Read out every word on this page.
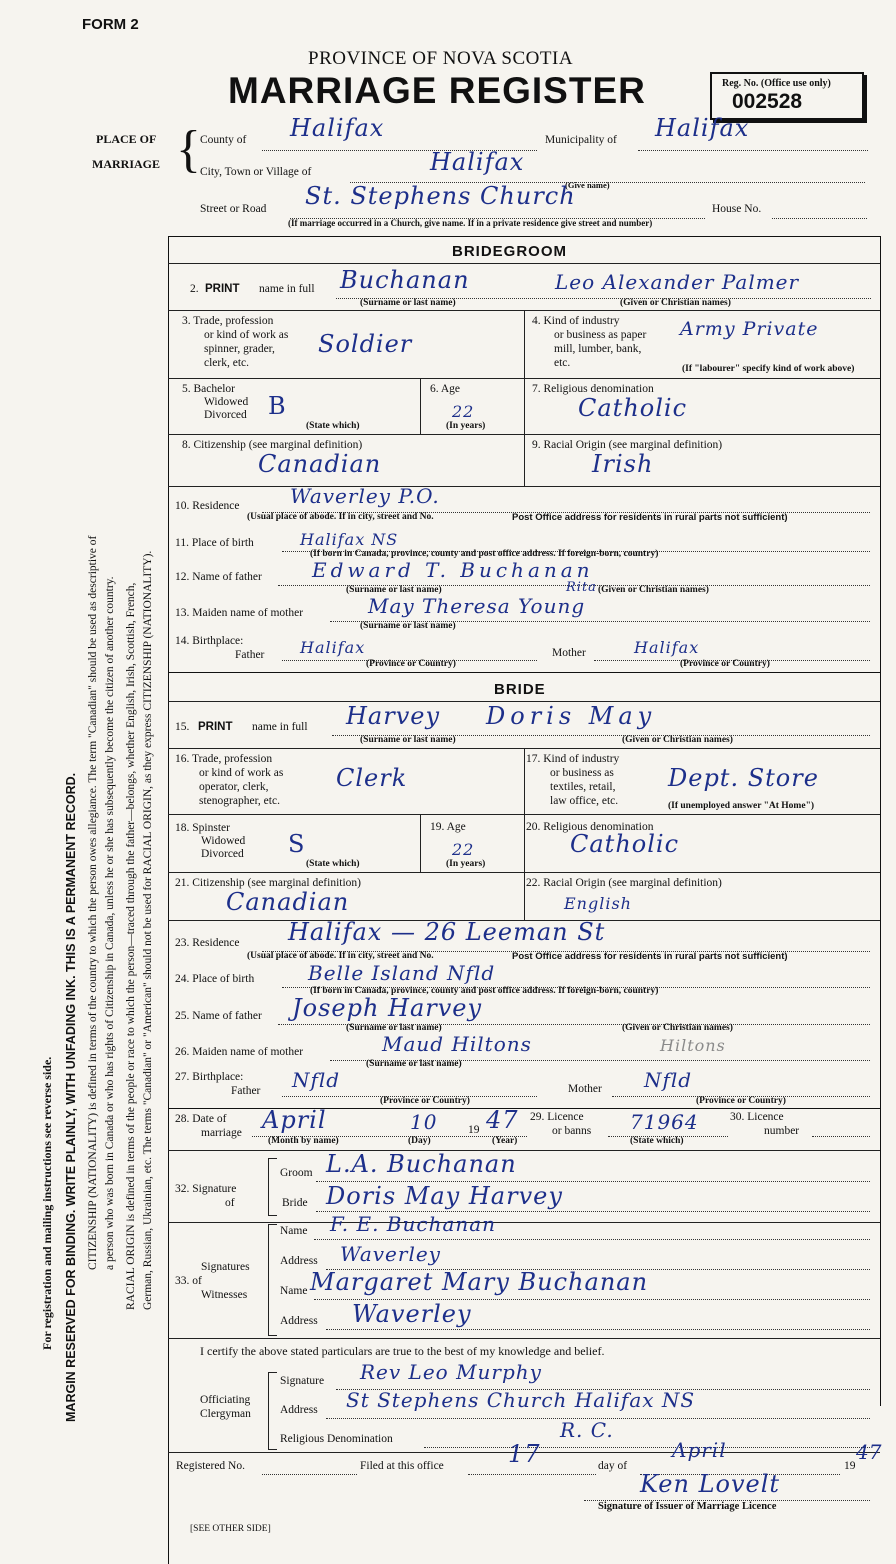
FORM 2
PROVINCE OF NOVA SCOTIA
MARRIAGE REGISTER	Reg. No. (Office use only)
002528
PLACE OF
MARRIAGE { County of Halifax	Municipality of Halifax
City, Town or Village of	Halifax
(Give name)
Street or Road St. Stephens Church	House No.
(If marriage occurred in a Church, give name. If in a private residence give street and number)
For registration and mailing instructions see reverse side. MARGIN RESERVED FOR BINDING. WRITE PLAINLY, WITH UNFADING INK. THIS IS A PERMANENT RECORD. CITIZENSHIP (NATIONALITY) is defined in terms of the country to which the person owes allegiance. The term "Canadian" should be used as descriptive of a person who was born in Canada or who has rights of Citizenship in Canada, unless he or she has subsequently become the citizen of another country. RACIAL ORIGIN is defined in terms of the people or race to which the person—traced through the father—belongs, whether English, Irish, Scottish, French, German, Russian, Ukrainian, etc. The terms "Canadian" or "American" should not be used for RACIAL ORIGIN, as they express CITIZENSHIP (NATIONALITY).
BRIDEGROOM
2. PRINT name in full Buchanan	Leo Alexander Palmer
(Surname or last name)	(Given or Christian names)
3. Trade, profession
or kind of work as
spinner, grader,
clerk, etc.
Soldier
4. Kind of industry
or business as paper
mill, lumber, bank,
etc.
Army Private
(If "labourer" specify kind of work above)
5. Bachelor
Widowed
Divorced B
(State which)
6. Age
22
(In years)
7. Religious denomination
Catholic
8. Citizenship (see marginal definition)
Canadian
9. Racial Origin (see marginal definition)
Irish
10. Residence	Waverley P.O.
(Usual place of abode. If in city, street and No.	Post Office address for residents in rural parts not sufficient)
11. Place of birth	Halifax NS
(If born in Canada, province, county and post office address. If foreign-born, country)
12. Name of father	Edward T. Buchanan
(Surname or last name)	(Given or Christian names)
Rita
13. Maiden name of mother	May Theresa Young
(Surname or last name)
14. Birthplace:
Father Halifax	Mother	Halifax
(Province or Country)	(Province or Country)
BRIDE
15. PRINT name in full Harvey Doris May
(Surname or last name)	(Given or Christian names)
16. Trade, profession
or kind of work as
operator, clerk,
stenographer, etc.
Clerk
17. Kind of industry
or business as
textiles, retail,
law office, etc.
Dept. Store
(If unemployed answer "At Home")
18. Spinster
Widowed
Divorced S
(State which)
19. Age
22
(In years)
20. Religious denomination
Catholic
21. Citizenship (see marginal definition)
Canadian
22. Racial Origin (see marginal definition)
English
23. Residence Halifax — 26 Leeman St
(Usual place of abode. If in city, street and No.	Post Office address for residents in rural parts not sufficient)
24. Place of birth	Belle Island Nfld
(If born in Canada, province, county and post office address. If foreign-born, country)
25. Name of father Joseph Harvey
(Surname or last name)	(Given or Christian names)
26. Maiden name of mother	Maud Hiltons	Hiltons
(Surname or last name)
27. Birthplace:
Father Nfld	Mother Nfld
(Province or Country)	(Province or Country)
28. Date of
marriage April	10	19 47
(Month by name)	(Day)	(Year)
29. Licence
or banns 71964
(State which)
30. Licence
number
32. Signature
of
Groom L.A. Buchanan
Bride Doris May Harvey
Signatures
33. of
Witnesses
Name F. E. Buchanan
Address Waverley
Name Margaret Mary Buchanan
Address Waverley
I certify the above stated particulars are true to the best of my knowledge and belief.
Officiating
Clergyman
Signature Rev Leo Murphy
Address St Stephens Church Halifax NS
Religious Denomination	R. C.
Registered No.	Filed at this office	17	day of
April
19
47
Ken Lovelt
Signature of Issuer of Marriage Licence
[SEE OTHER SIDE]
